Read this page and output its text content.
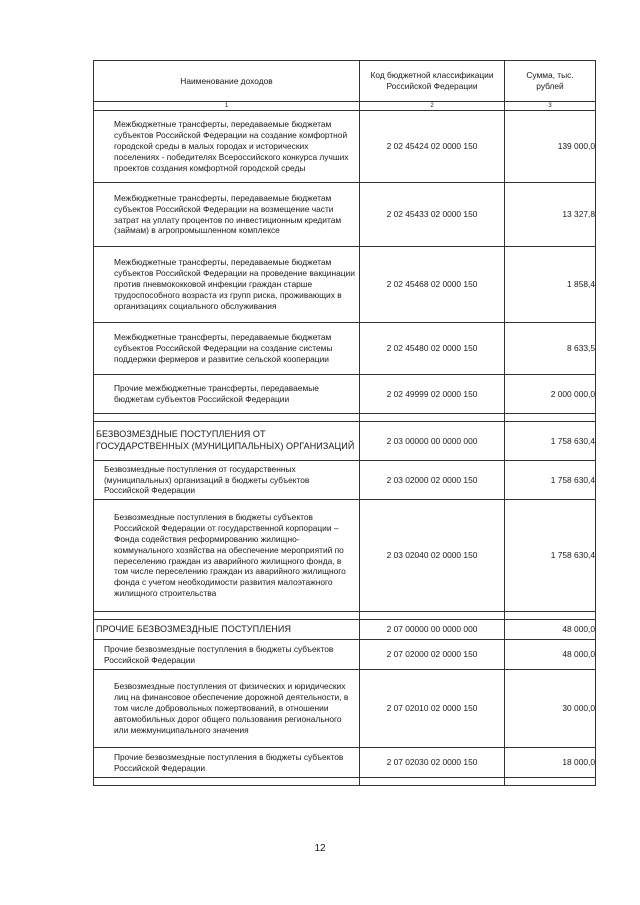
Наименование доходов	Код бюджетной классификации Российской Федерации	Сумма, тыс. рублей
1	2	3
Межбюджетные трансферты, передаваемые бюджетам субъектов Российской Федерации на создание комфортной городской среды в малых городах и исторических поселениях - победителях Всероссийского конкурса лучших проектов создания комфортной городской среды	2 02 45424 02 0000 150	139 000,0
Межбюджетные трансферты, передаваемые бюджетам субъектов Российской Федерации на возмещение части затрат на уплату процентов по инвестиционным кредитам (займам) в агропромышленном комплексе	2 02 45433 02 0000 150	13 327,8
Межбюджетные трансферты, передаваемые бюджетам субъектов Российской Федерации на проведение вакцинации против пневмококковой инфекции граждан старше трудоспособного возраста из групп риска, проживающих в организациях социального обслуживания	2 02 45468 02 0000 150	1 858,4
Межбюджетные трансферты, передаваемые бюджетам субъектов Российской Федерации на создание системы поддержки фермеров и развитие сельской кооперации	2 02 45480 02 0000 150	8 633,5
Прочие межбюджетные трансферты, передаваемые бюджетам субъектов Российской Федерации	2 02 49999 02 0000 150	2 000 000,0

БЕЗВОЗМЕЗДНЫЕ ПОСТУПЛЕНИЯ ОТ ГОСУДАРСТВЕННЫХ (МУНИЦИПАЛЬНЫХ) ОРГАНИЗАЦИЙ	2 03 00000 00 0000 000	1 758 630,4
Безвозмездные поступления от государственных (муниципальных) организаций в бюджеты субъектов Российской Федерации	2 03 02000 02 0000 150	1 758 630,4
Безвозмездные поступления в бюджеты субъектов Российской Федерации от государственной корпорации – Фонда содействия реформированию жилищно-коммунального хозяйства на обеспечение мероприятий по переселению граждан из аварийного жилищного фонда, в том числе переселению граждан из аварийного жилищного фонда с учетом необходимости развития малоэтажного жилищного строительства	2 03 02040 02 0000 150	1 758 630,4

ПРОЧИЕ БЕЗВОЗМЕЗДНЫЕ ПОСТУПЛЕНИЯ	2 07 00000 00 0000 000	48 000,0
Прочие безвозмездные поступления в бюджеты субъектов Российской Федерации	2 07 02000 02 0000 150	48 000,0
Безвозмездные поступления от физических и юридических лиц на финансовое обеспечение дорожной деятельности, в том числе добровольных пожертвований, в отношении автомобильных дорог общего пользования регионального или межмуниципального значения	2 07 02010 02 0000 150	30 000,0
Прочие безвозмездные поступления в бюджеты субъектов Российской Федерации	2 07 02030 02 0000 150	18 000,0

12
